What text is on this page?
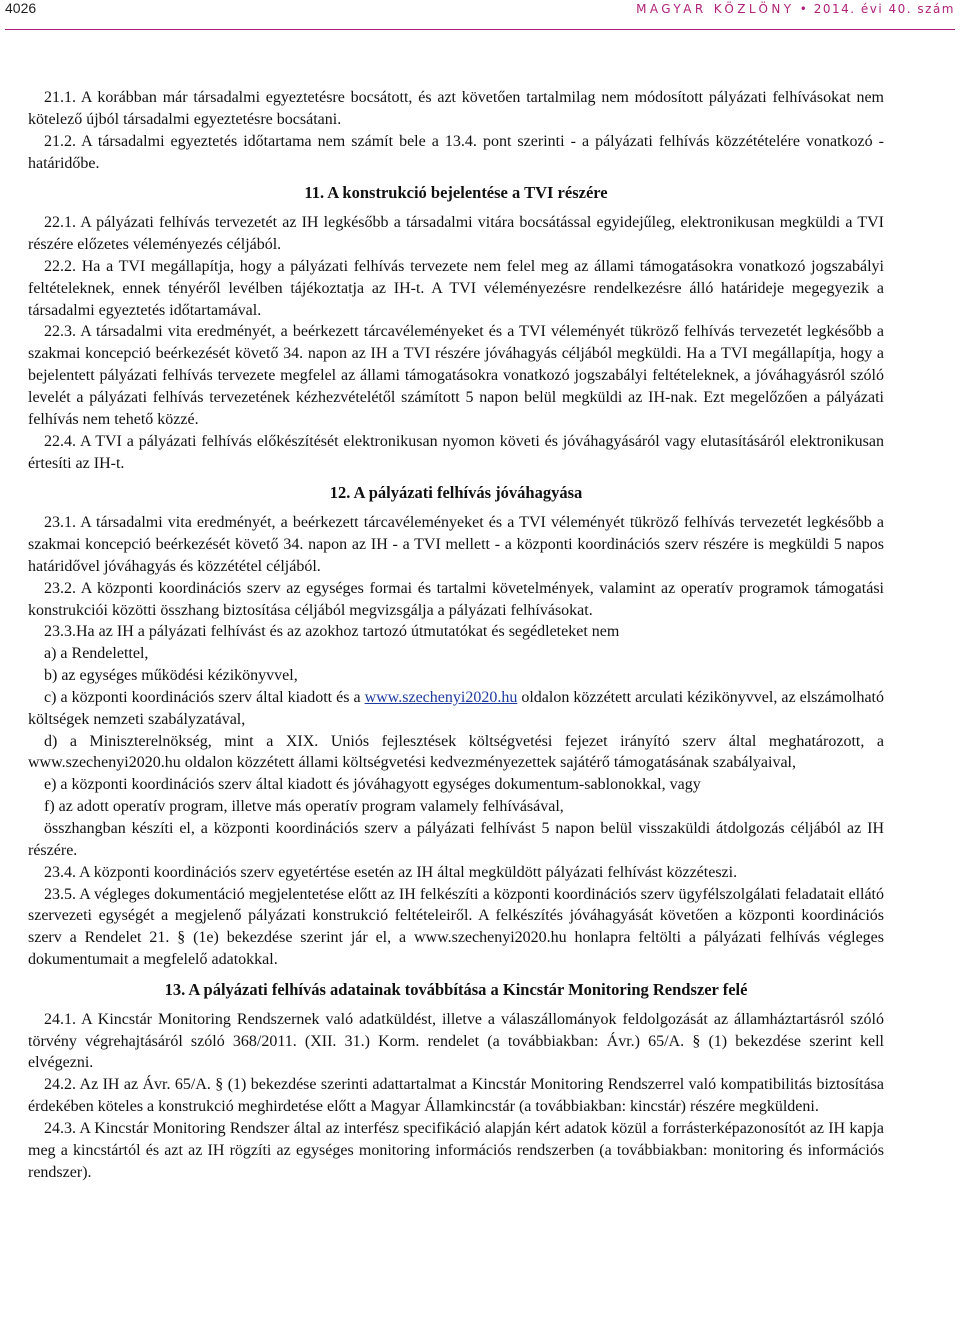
4026	MAGYAR KÖZLÖNY • 2014. évi 40. szám

21.1. A korábban már társadalmi egyeztetésre bocsátott, és azt követően tartalmilag nem módosított pályázati felhívásokat nem kötelező újból társadalmi egyeztetésre bocsátani.

21.2. A társadalmi egyeztetés időtartama nem számít bele a 13.4. pont szerinti - a pályázati felhívás közzétételére vonatkozó - határidőbe.

11. A konstrukció bejelentése a TVI részére

22.1. A pályázati felhívás tervezetét az IH legkésőbb a társadalmi vitára bocsátással egyidejűleg, elektronikusan megküldi a TVI részére előzetes véleményezés céljából.

22.2. Ha a TVI megállapítja, hogy a pályázati felhívás tervezete nem felel meg az állami támogatásokra vonatkozó jogszabályi feltételeknek, ennek tényéről levélben tájékoztatja az IH-t. A TVI véleményezésre rendelkezésre álló határideje megegyezik a társadalmi egyeztetés időtartamával.

22.3. A társadalmi vita eredményét, a beérkezett tárcavéleményeket és a TVI véleményét tükröző felhívás tervezetét legkésőbb a szakmai koncepció beérkezését követő 34. napon az IH a TVI részére jóváhagyás céljából megküldi. Ha a TVI megállapítja, hogy a bejelentett pályázati felhívás tervezete megfelel az állami támogatásokra vonatkozó jogszabályi feltételeknek, a jóváhagyásról szóló levelét a pályázati felhívás tervezetének kézhezvételétől számított 5 napon belül megküldi az IH-nak. Ezt megelőzően a pályázati felhívás nem tehető közzé.

22.4. A TVI a pályázati felhívás előkészítését elektronikusan nyomon követi és jóváhagyásáról vagy elutasításáról elektronikusan értesíti az IH-t.

12. A pályázati felhívás jóváhagyása

23.1. A társadalmi vita eredményét, a beérkezett tárcavéleményeket és a TVI véleményét tükröző felhívás tervezetét legkésőbb a szakmai koncepció beérkezését követő 34. napon az IH - a TVI mellett - a központi koordinációs szerv részére is megküldi 5 napos határidővel jóváhagyás és közzététel céljából.

23.2. A központi koordinációs szerv az egységes formai és tartalmi követelmények, valamint az operatív programok támogatási konstrukciói közötti összhang biztosítása céljából megvizsgálja a pályázati felhívásokat.

23.3.Ha az IH a pályázati felhívást és az azokhoz tartozó útmutatókat és segédleteket nem

a) a Rendelettel,

b) az egységes működési kézikönyvvel,

c) a központi koordinációs szerv által kiadott és a www.szechenyi2020.hu oldalon közzétett arculati kézikönyvvel, az elszámolható költségek nemzeti szabályzatával,

d) a Miniszterelnökség, mint a XIX. Uniós fejlesztések költségvetési fejezet irányító szerv által meghatározott, a www.szechenyi2020.hu oldalon közzétett állami költségvetési kedvezményezettek sajátérő támogatásának szabályaival,

e) a központi koordinációs szerv által kiadott és jóváhagyott egységes dokumentum-sablonokkal, vagy

f) az adott operatív program, illetve más operatív program valamely felhívásával,

összhangban készíti el, a központi koordinációs szerv a pályázati felhívást 5 napon belül visszaküldi átdolgozás céljából az IH részére.

23.4. A központi koordinációs szerv egyetértése esetén az IH által megküldött pályázati felhívást közzéteszi.

23.5. A végleges dokumentáció megjelentetése előtt az IH felkészíti a központi koordinációs szerv ügyfélszolgálati feladatait ellátó szervezeti egységét a megjelenő pályázati konstrukció feltételeiről. A felkészítés jóváhagyását követően a központi koordinációs szerv a Rendelet 21. § (1e) bekezdése szerint jár el, a www.szechenyi2020.hu honlapra feltölti a pályázati felhívás végleges dokumentumait a megfelelő adatokkal.

13. A pályázati felhívás adatainak továbbítása a Kincstár Monitoring Rendszer felé

24.1. A Kincstár Monitoring Rendszernek való adatküldést, illetve a válaszállományok feldolgozását az államháztartásról szóló törvény végrehajtásáról szóló 368/2011. (XII. 31.) Korm. rendelet (a továbbiakban: Ávr.) 65/A. § (1) bekezdése szerint kell elvégezni.

24.2. Az IH az Ávr. 65/A. § (1) bekezdése szerinti adattartalmat a Kincstár Monitoring Rendszerrel való kompatibilitás biztosítása érdekében köteles a konstrukció meghirdetése előtt a Magyar Államkincstár (a továbbiakban: kincstár) részére megküldeni.

24.3. A Kincstár Monitoring Rendszer által az interfész specifikáció alapján kért adatok közül a forrásterképazonosítót az IH kapja meg a kincstártól és azt az IH rögzíti az egységes monitoring információs rendszerben (a továbbiakban: monitoring és információs rendszer).
